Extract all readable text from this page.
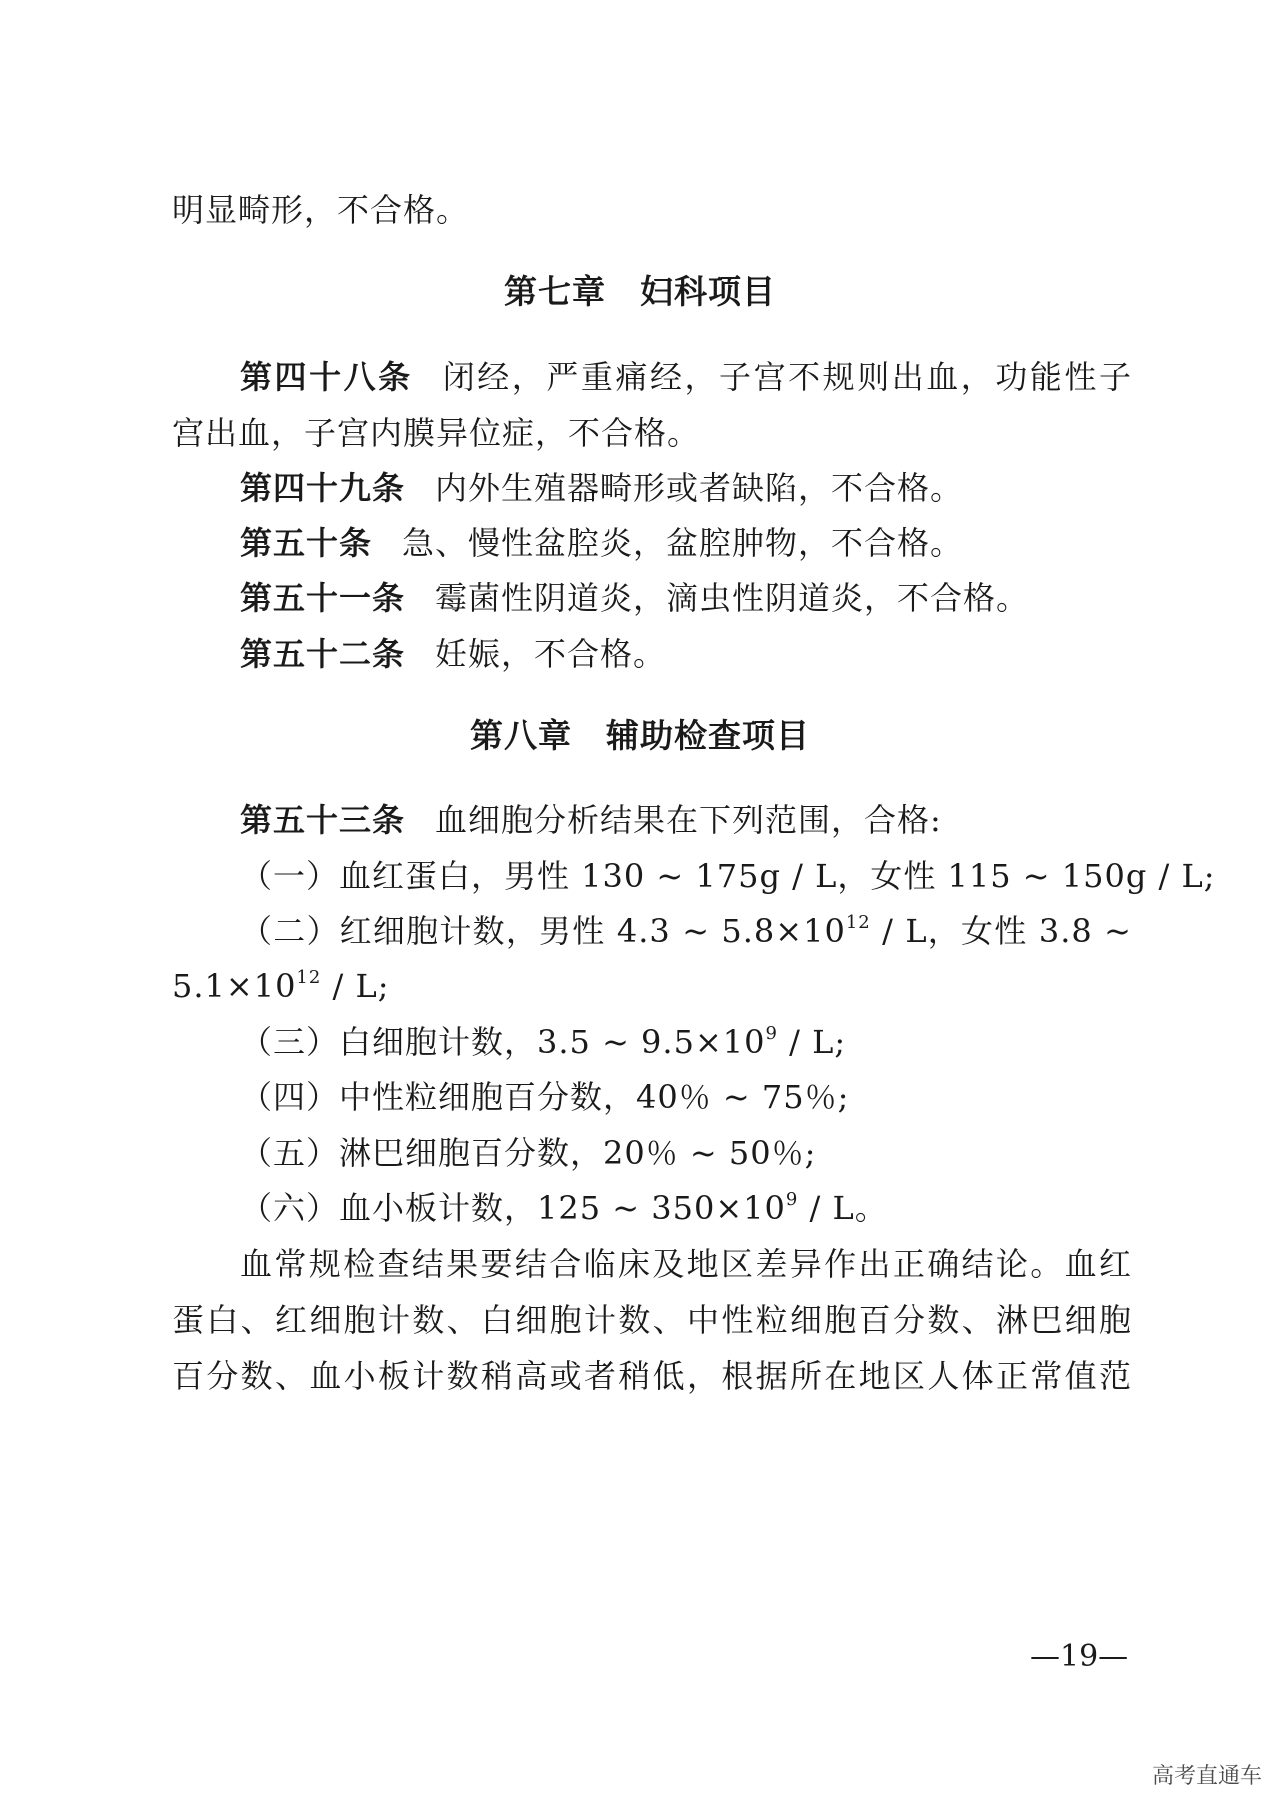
明显畸形，不合格。
第七章 妇科项目
第四十八条 闭经，严重痛经，子宫不规则出血，功能性子
宫出血，子宫内膜异位症，不合格。
第四十九条 内外生殖器畸形或者缺陷，不合格。
第五十条 急、慢性盆腔炎，盆腔肿物，不合格。
第五十一条 霉菌性阴道炎，滴虫性阴道炎，不合格。
第五十二条 妊娠，不合格。
第八章 辅助检查项目
第五十三条 血细胞分析结果在下列范围，合格:
（一）血红蛋白，男性 130 ~ 175g ∕ L，女性 115 ~ 150g ∕ L;
（二）红细胞计数，男性 4.3 ~ $5.8\times 10^{12}$ ∕ L，女性 3.8 ~
$5.1\times 10^{12}$ ∕ L;
（三）白细胞计数，3.5 ~ $9.5\times 10^9$ ∕ L;
（四）中性粒细胞百分数，40％ ~ 75％;
（五）淋巴细胞百分数，20％ ~ 50％;
（六）血小板计数，125 ~ $350\times 10^9$ ∕ L。
血常规检查结果要结合临床及地区差异作出正确结论。血红
蛋白、红细胞计数、白细胞计数、中性粒细胞百分数、淋巴细胞
百分数、血小板计数稍高或者稍低，根据所在地区人体正常值范
—19—
高考直通车
